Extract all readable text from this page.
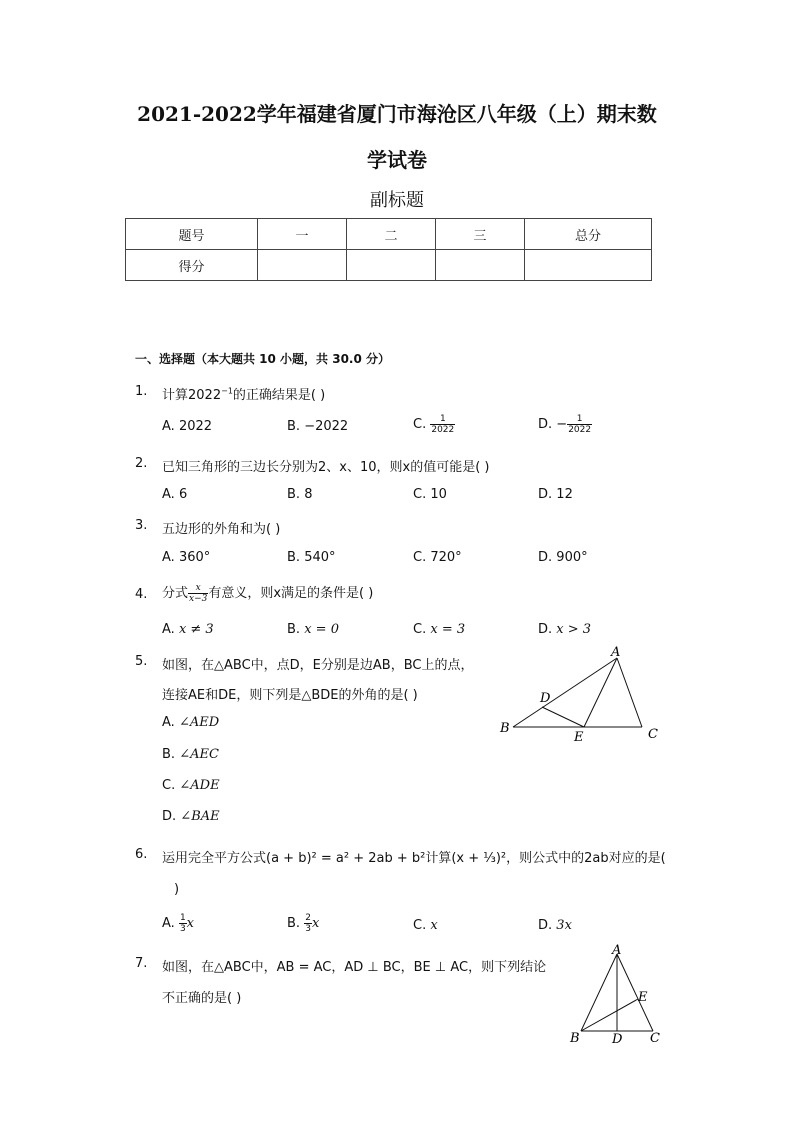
2021-2022学年福建省厦门市海沧区八年级（上）期末数
学试卷
副标题
题号	一	二	三	总分
得分				
一、选择题（本大题共 10 小题，共 30.0 分）
1. 计算$2022^{-1}$的正确结果是( )
A. 2022	B. −2022	C. $\frac{1}{2022}$	D. − $\frac{1}{2022}$
2. 已知三角形的三边长分别为2、x、10，则x的值可能是( )
A. 6	B. 8	C. 10	D. 12
3. 五边形的外角和为( )
A. 360°	B. 540°	C. 720°	D. 900°
4. 分式 $\frac{x}{x-3}$ 有意义，则x满足的条件是( )
A. x ≠ 3	B. x = 0	C. x = 3	D. x > 3
5. 如图，在△ABC中，点D，E分别是边AB，BC上的点，
连接AE和DE，则下列是△BDE的外角的是( )
A. ∠AED
B. ∠AEC
C. ∠ADE
D. ∠BAE
A
B	C
D
E
6. 运用完全平方公式(a + b)² = a² + 2ab + b²计算(x + ⅓)²，则公式中的2ab对应的是(
)
A. $\frac{1}{3}$ x	B. $\frac{2}{3}$ x	C. x	D. 3x
7. 如图，在△ABC中，AB = AC，AD ⊥ BC，BE ⊥ AC，则下列结论
不正确的是( )
A
B	C
D
E
